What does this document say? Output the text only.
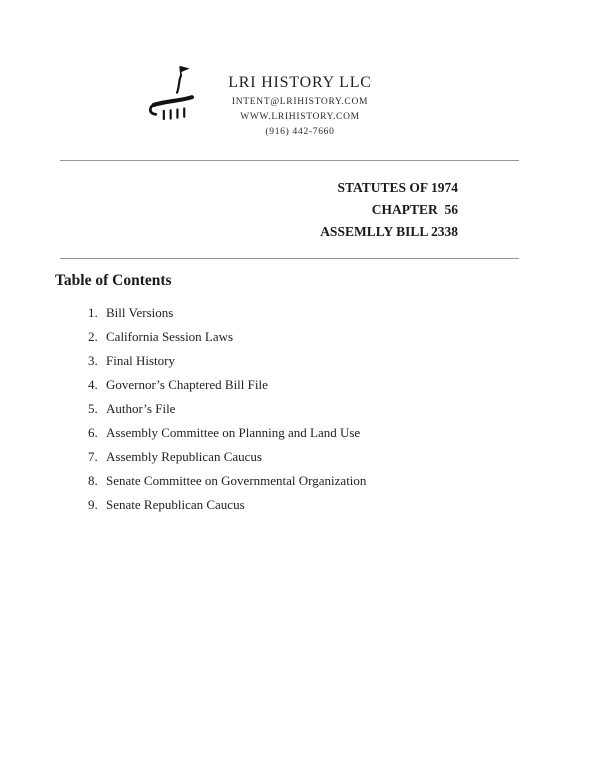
LRI HISTORY LLC
INTENT@LRIHISTORY.COM
WWW.LRIHISTORY.COM
(916) 442-7660
STATUTES OF 1974
CHAPTER  56
ASSEMLLY BILL 2338
Table of Contents
1. Bill Versions
2. California Session Laws
3. Final History
4. Governor’s Chaptered Bill File
5. Author’s File
6. Assembly Committee on Planning and Land Use
7. Assembly Republican Caucus
8. Senate Committee on Governmental Organization
9. Senate Republican Caucus
